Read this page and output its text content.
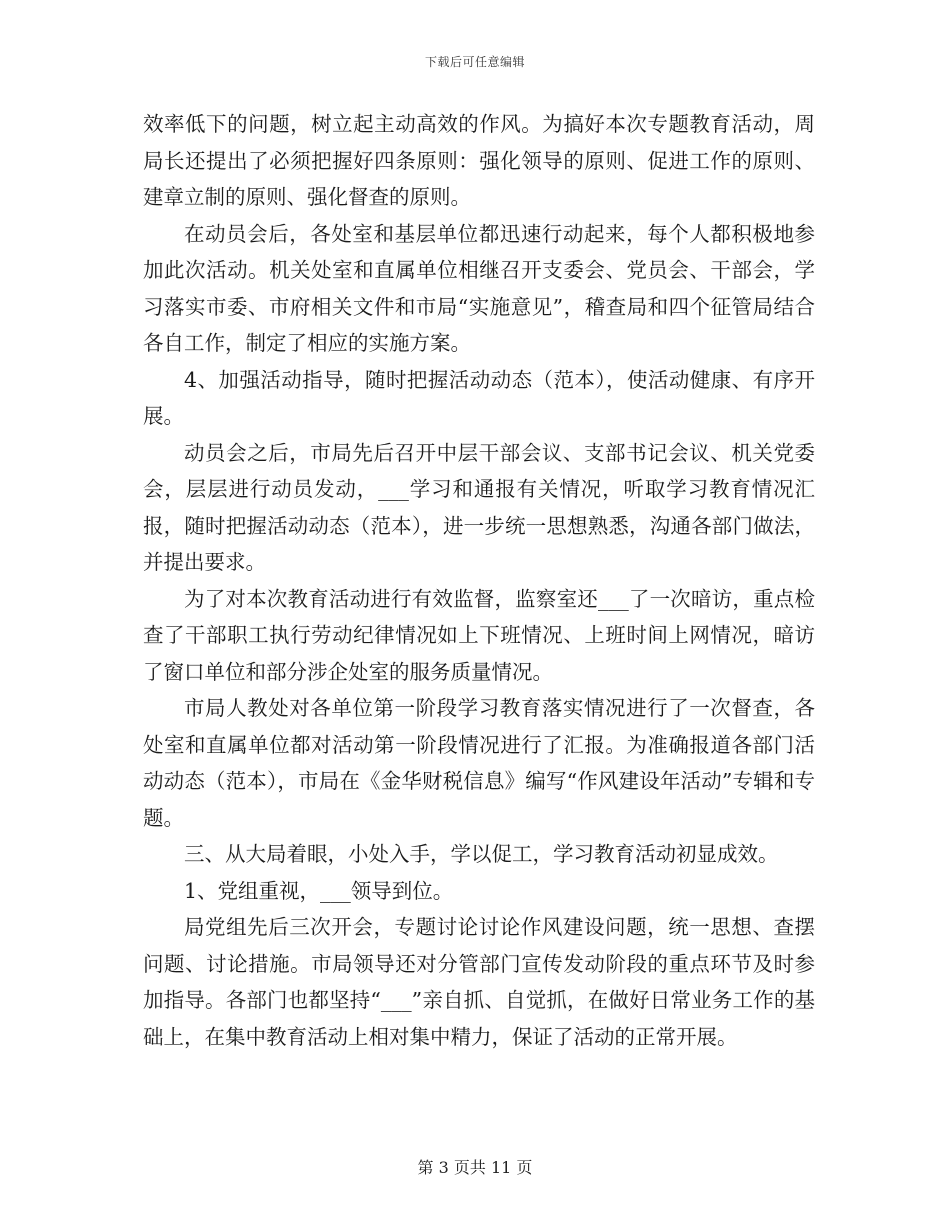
下载后可任意编辑

效率低下的问题，树立起主动高效的作风。为搞好本次专题教育活动，周局长还提出了必须把握好四条原则：强化领导的原则、促进工作的原则、建章立制的原则、强化督查的原则。

在动员会后，各处室和基层单位都迅速行动起来，每个人都积极地参加此次活动。机关处室和直属单位相继召开支委会、党员会、干部会，学习落实市委、市府相关文件和市局“实施意见”，稽查局和四个征管局结合各自工作，制定了相应的实施方案。

4、加强活动指导，随时把握活动动态（范本），使活动健康、有序开展。

动员会之后，市局先后召开中层干部会议、支部书记会议、机关党委会，层层进行动员发动，___学习和通报有关情况，听取学习教育情况汇报，随时把握活动动态（范本），进一步统一思想熟悉，沟通各部门做法，并提出要求。

为了对本次教育活动进行有效监督，监察室还___了一次暗访，重点检查了干部职工执行劳动纪律情况如上下班情况、上班时间上网情况，暗访了窗口单位和部分涉企处室的服务质量情况。

市局人教处对各单位第一阶段学习教育落实情况进行了一次督查，各处室和直属单位都对活动第一阶段情况进行了汇报。为准确报道各部门活动动态（范本），市局在《金华财税信息》编写“作风建设年活动”专辑和专题。

三、从大局着眼，小处入手，学以促工，学习教育活动初显成效。

1、党组重视，___领导到位。

局党组先后三次开会，专题讨论讨论作风建设问题，统一思想、查摆问题、讨论措施。市局领导还对分管部门宣传发动阶段的重点环节及时参加指导。各部门也都坚持“___”亲自抓、自觉抓，在做好日常业务工作的基础上，在集中教育活动上相对集中精力，保证了活动的正常开展。

第 3 页共 11 页
